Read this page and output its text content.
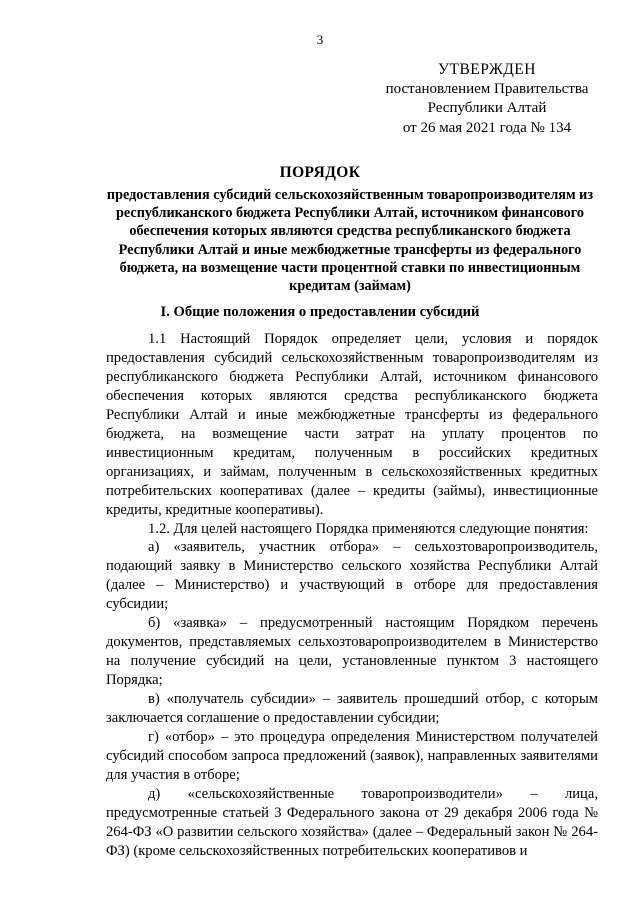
3
УТВЕРЖДЕН
постановлением Правительства
Республики Алтай
от 26 мая 2021 года № 134
ПОРЯДОК
предоставления субсидий сельскохозяйственным товаропроизводителям из республиканского бюджета Республики Алтай, источником финансового обеспечения которых являются средства республиканского бюджета Республики Алтай и иные межбюджетные трансферты из федерального бюджета, на возмещение части процентной ставки по инвестиционным кредитам (займам)
I. Общие положения о предоставлении субсидий

1.1 Настоящий Порядок определяет цели, условия и порядок предоставления субсидий сельскохозяйственным товаропроизводителям из республиканского бюджета Республики Алтай, источником финансового обеспечения которых являются средства республиканского бюджета Республики Алтай и иные межбюджетные трансферты из федерального бюджета, на возмещение части затрат на уплату процентов по инвестиционным кредитам, полученным в российских кредитных организациях, и займам, полученным в сельскохозяйственных кредитных потребительских кооперативах (далее – кредиты (займы), инвестиционные кредиты, кредитные кооперативы).

1.2. Для целей настоящего Порядка применяются следующие понятия:

а) «заявитель, участник отбора» – сельхозтоваропроизводитель, подающий заявку в Министерство сельского хозяйства Республики Алтай (далее – Министерство) и участвующий в отборе для предоставления субсидии;

б) «заявка» – предусмотренный настоящим Порядком перечень документов, представляемых сельхозтоваропроизводителем в Министерство на получение субсидий на цели, установленные пунктом 3 настоящего Порядка;

в) «получатель субсидии» – заявитель прошедший отбор, с которым заключается соглашение о предоставлении субсидии;

г) «отбор» – это процедура определения Министерством получателей субсидий способом запроса предложений (заявок), направленных заявителями для участия в отборе;

д) «сельскохозяйственные товаропроизводители» – лица, предусмотренные статьей 3 Федерального закона от 29 декабря 2006 года № 264-ФЗ «О развитии сельского хозяйства» (далее – Федеральный закон № 264-ФЗ) (кроме сельскохозяйственных потребительских кооперативов и
